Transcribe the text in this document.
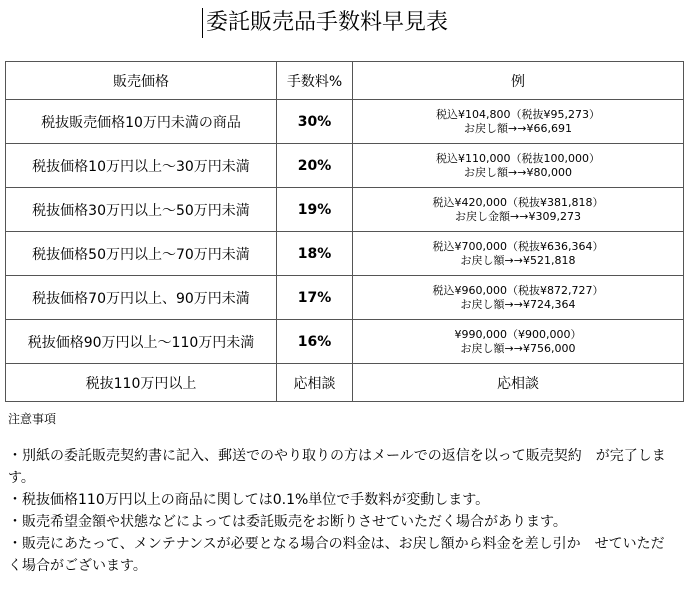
委託販売品手数料早見表
販売価格	手数料%	例
税抜販売価格10万円未満の商品	30%	税込¥104,800（税抜¥95,273）
お戻し額→→¥66,691

税抜価格10万円以上～30万円未満	20%	税込¥110,000（税抜100,000）
お戻し額→→¥80,000

税抜価格30万円以上～50万円未満	19%	税込¥420,000（税抜¥381,818）
お戻し金額→→¥309,273

税抜価格50万円以上～70万円未満	18%	税込¥700,000（税抜¥636,364）
お戻し額→→¥521,818

税抜価格70万円以上、90万円未満	17%	税込¥960,000（税抜¥872,727）
お戻し額→→¥724,364

税抜価格90万円以上～110万円未満	16%	¥990,000（¥900,000）
お戻し額→→¥756,000

税抜110万円以上	応相談	応相談
注意事項

・別紙の委託販売契約書に記入、郵送でのやり取りの方はメールでの返信を以って販売契約　が完了します。

・税抜価格110万円以上の商品に関しては0.1%単位で手数料が変動します。

・販売希望金額や状態などによっては委託販売をお断りさせていただく場合があります。

・販売にあたって、メンテナンスが必要となる場合の料金は、お戻し額から料金を差し引か　せていただく場合がございます。
